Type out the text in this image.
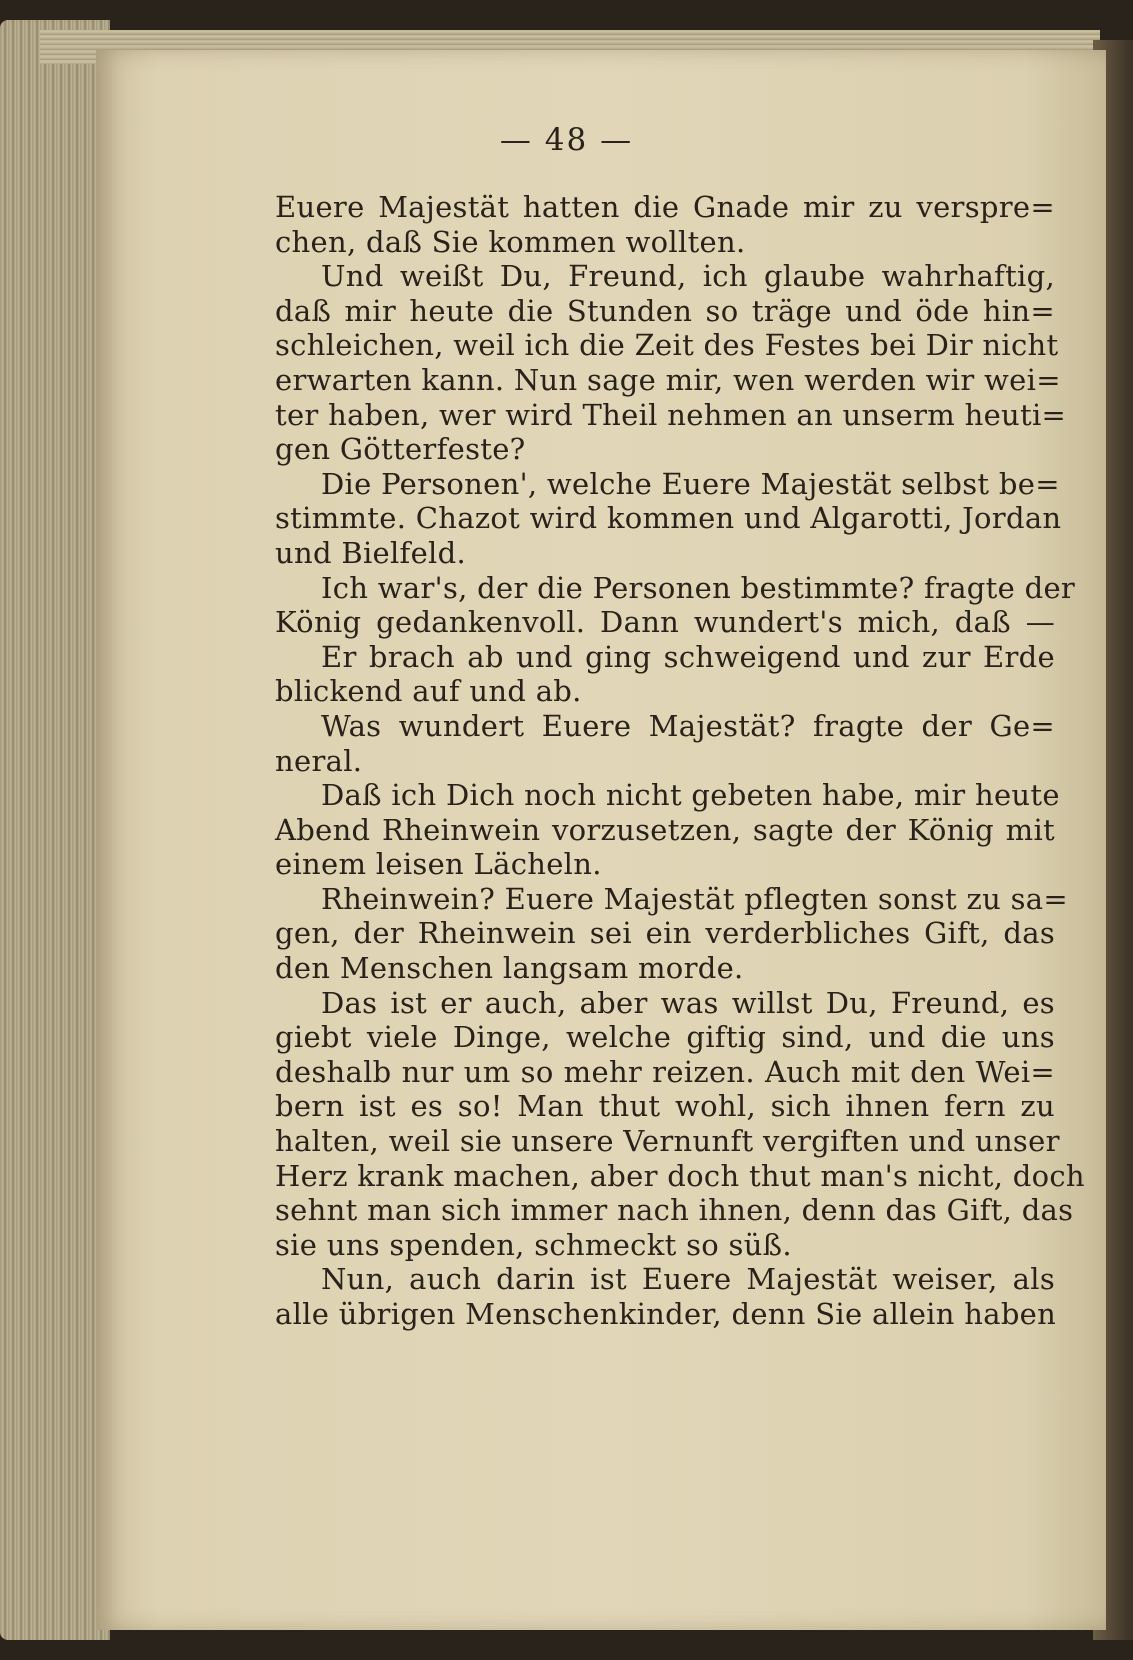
— 48 —
Euere Majestät hatten die Gnade mir zu versprе=
chen, daß Sie kommen wollten.
Und weißt Du, Freund, ich glaube wahrhaftig,
daß mir heute die Stunden so träge und öde hin=
schleichen, weil ich die Zeit des Festes bei Dir nicht
erwarten kann. Nun sage mir, wen werden wir wei=
ter haben, wer wird Theil nehmen an unserm heuti=
gen Götterfeste?
Die Personen', welche Euere Majestät selbst be=
stimmte. Chazot wird kommen und Algarotti, Jordan
und Bielfeld.
Ich war's, der die Personen bestimmte? fragte der
König gedankenvoll. Dann wundert's mich, daß —
Er brach ab und ging schweigend und zur Erde
blickend auf und ab.
Was wundert Euere Majestät? fragte der Ge=
neral.
Daß ich Dich noch nicht gebeten habe, mir heute
Abend Rheinwein vorzusetzen, sagte der König mit
einem leisen Lächeln.
Rheinwein? Euere Majestät pflegten sonst zu sa=
gen, der Rheinwein sei ein verderbliches Gift, das
den Menschen langsam morde.
Das ist er auch, aber was willst Du, Freund, es
giebt viele Dinge, welche giftig sind, und die uns
deshalb nur um so mehr reizen. Auch mit den Wei=
bern ist es so! Man thut wohl, sich ihnen fern zu
halten, weil sie unsere Vernunft vergiften und unser
Herz krank machen, aber doch thut man's nicht, doch
sehnt man sich immer nach ihnen, denn das Gift, das
sie uns spenden, schmeckt so süß.
Nun, auch darin ist Euere Majestät weiser, als
alle übrigen Menschenkinder, denn Sie allein haben
